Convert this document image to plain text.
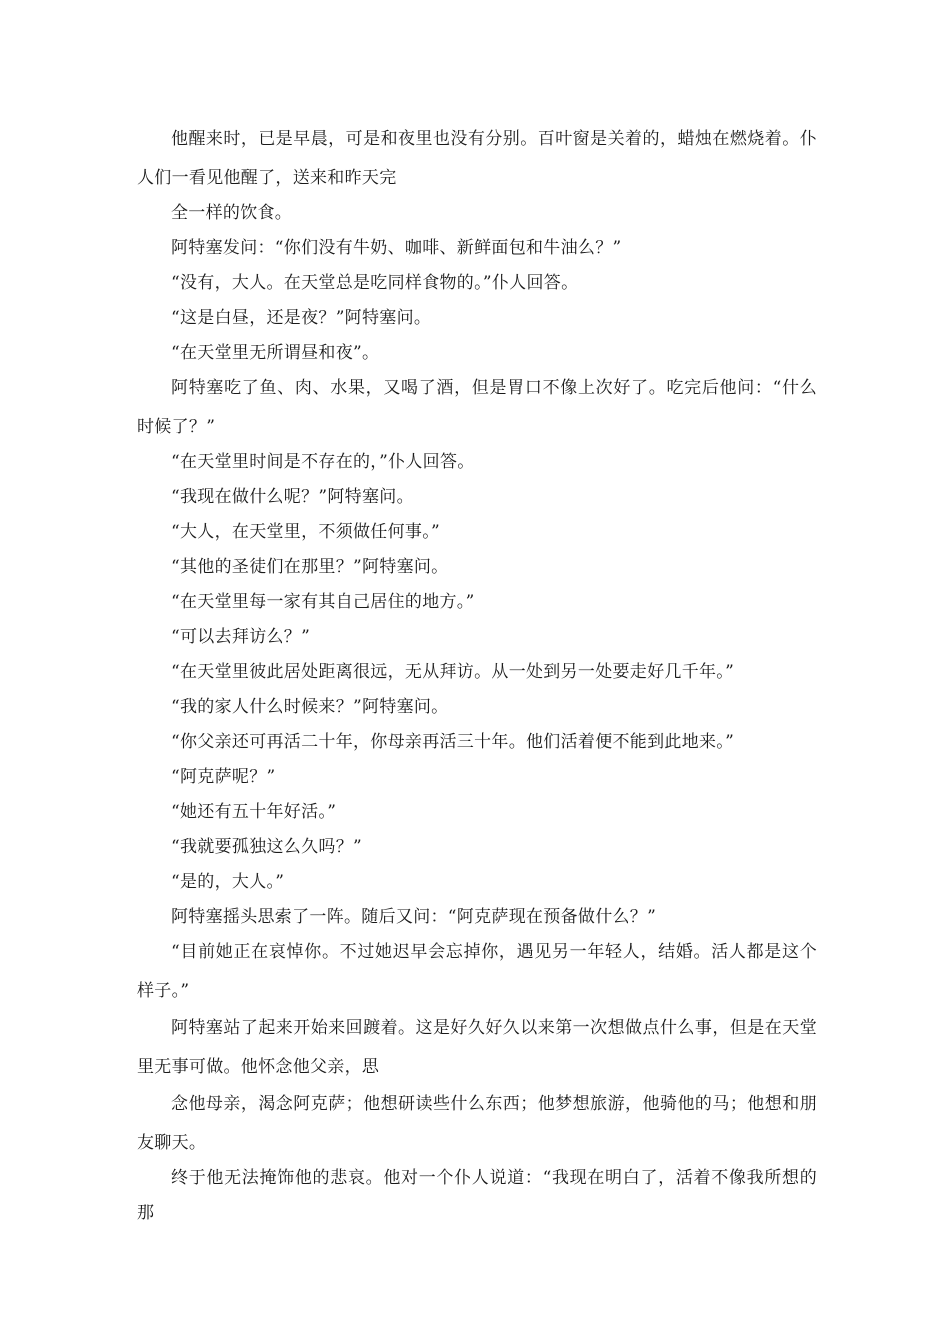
他醒来时，已是早晨，可是和夜里也没有分别。百叶窗是关着的，蜡烛在燃烧着。仆人们一看见他醒了，送来和昨天完

全一样的饮食。

阿特塞发问：“你们没有牛奶、咖啡、新鲜面包和牛油么？”

“没有，大人。在天堂总是吃同样食物的。”仆人回答。

“这是白昼，还是夜？”阿特塞问。

“在天堂里无所谓昼和夜”。

阿特塞吃了鱼、肉、水果，又喝了酒，但是胃口不像上次好了。吃完后他问：“什么时候了？”

“在天堂里时间是不存在的，”仆人回答。

“我现在做什么呢？”阿特塞问。

“大人，在天堂里，不须做任何事。”

“其他的圣徒们在那里？”阿特塞问。

“在天堂里每一家有其自己居住的地方。”

“可以去拜访么？”

“在天堂里彼此居处距离很远，无从拜访。从一处到另一处要走好几千年。”

“我的家人什么时候来？”阿特塞问。

“你父亲还可再活二十年，你母亲再活三十年。他们活着便不能到此地来。”

“阿克萨呢？”

“她还有五十年好活。”

“我就要孤独这么久吗？”

“是的，大人。”

阿特塞摇头思索了一阵。随后又问：“阿克萨现在预备做什么？”

“目前她正在哀悼你。不过她迟早会忘掉你，遇见另一年轻人，结婚。活人都是这个样子。”

阿特塞站了起来开始来回踱着。这是好久好久以来第一次想做点什么事，但是在天堂里无事可做。他怀念他父亲，思

念他母亲，渴念阿克萨；他想研读些什么东西；他梦想旅游，他骑他的马；他想和朋友聊天。

终于他无法掩饰他的悲哀。他对一个仆人说道：“我现在明白了，活着不像我所想的那
